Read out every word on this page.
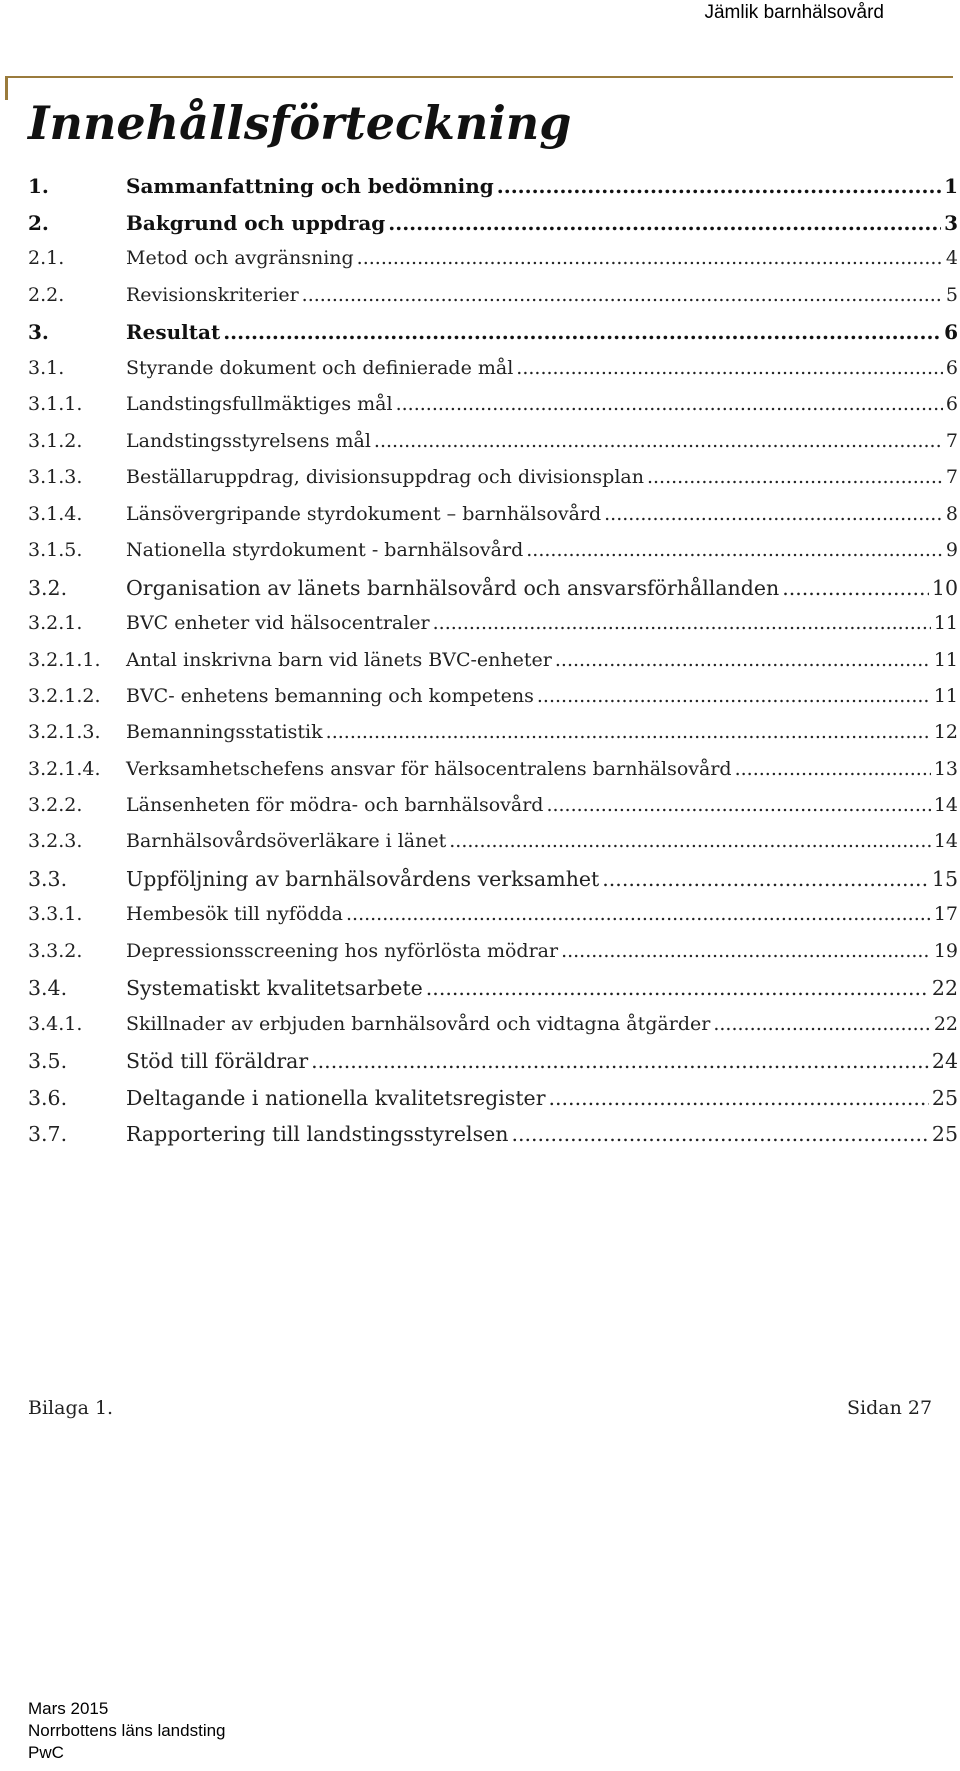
Jämlik barnhälsovård
Innehållsförteckning
1.	Sammanfattning och bedömning .....	1
2.	Bakgrund och uppdrag .....	3
2.1.	Metod och avgränsning .....	4
2.2.	Revisionskriterier .....	5
3.	Resultat .....	6
3.1.	Styrande dokument och definierade mål .....	6
3.1.1.	Landstingsfullmäktiges mål .....	6
3.1.2.	Landstingsstyrelsens mål .....	7
3.1.3.	Beställaruppdrag, divisionsuppdrag och divisionsplan .....	7
3.1.4.	Länsövergripande styrdokument – barnhälsovård .....	8
3.1.5.	Nationella styrdokument - barnhälsovård .....	9
3.2.	Organisation av länets barnhälsovård och ansvarsförhållanden .....	10
3.2.1.	BVC enheter vid hälsocentraler .....	11
3.2.1.1.	Antal inskrivna barn vid länets BVC-enheter .....	11
3.2.1.2.	BVC- enhetens bemanning och kompetens .....	11
3.2.1.3.	Bemanningsstatistik .....	12
3.2.1.4.	Verksamhetschefens ansvar för hälsocentralens barnhälsovård .....	13
3.2.2.	Länsenheten för mödra- och barnhälsovård .....	14
3.2.3.	Barnhälsovårdsöverläkare i länet .....	14
3.3.	Uppföljning av barnhälsovårdens verksamhet .....	15
3.3.1.	Hembesök till nyfödda .....	17
3.3.2.	Depressionsscreening hos nyförlösta mödrar .....	19
3.4.	Systematiskt kvalitetsarbete .....	22
3.4.1.	Skillnader av erbjuden barnhälsovård och vidtagna åtgärder .....	22
3.5.	Stöd till föräldrar .....	24
3.6.	Deltagande i nationella kvalitetsregister .....	25
3.7.	Rapportering till landstingsstyrelsen .....	25
Bilaga 1.	Sidan 27
Mars 2015
Norrbottens läns landsting
PwC
